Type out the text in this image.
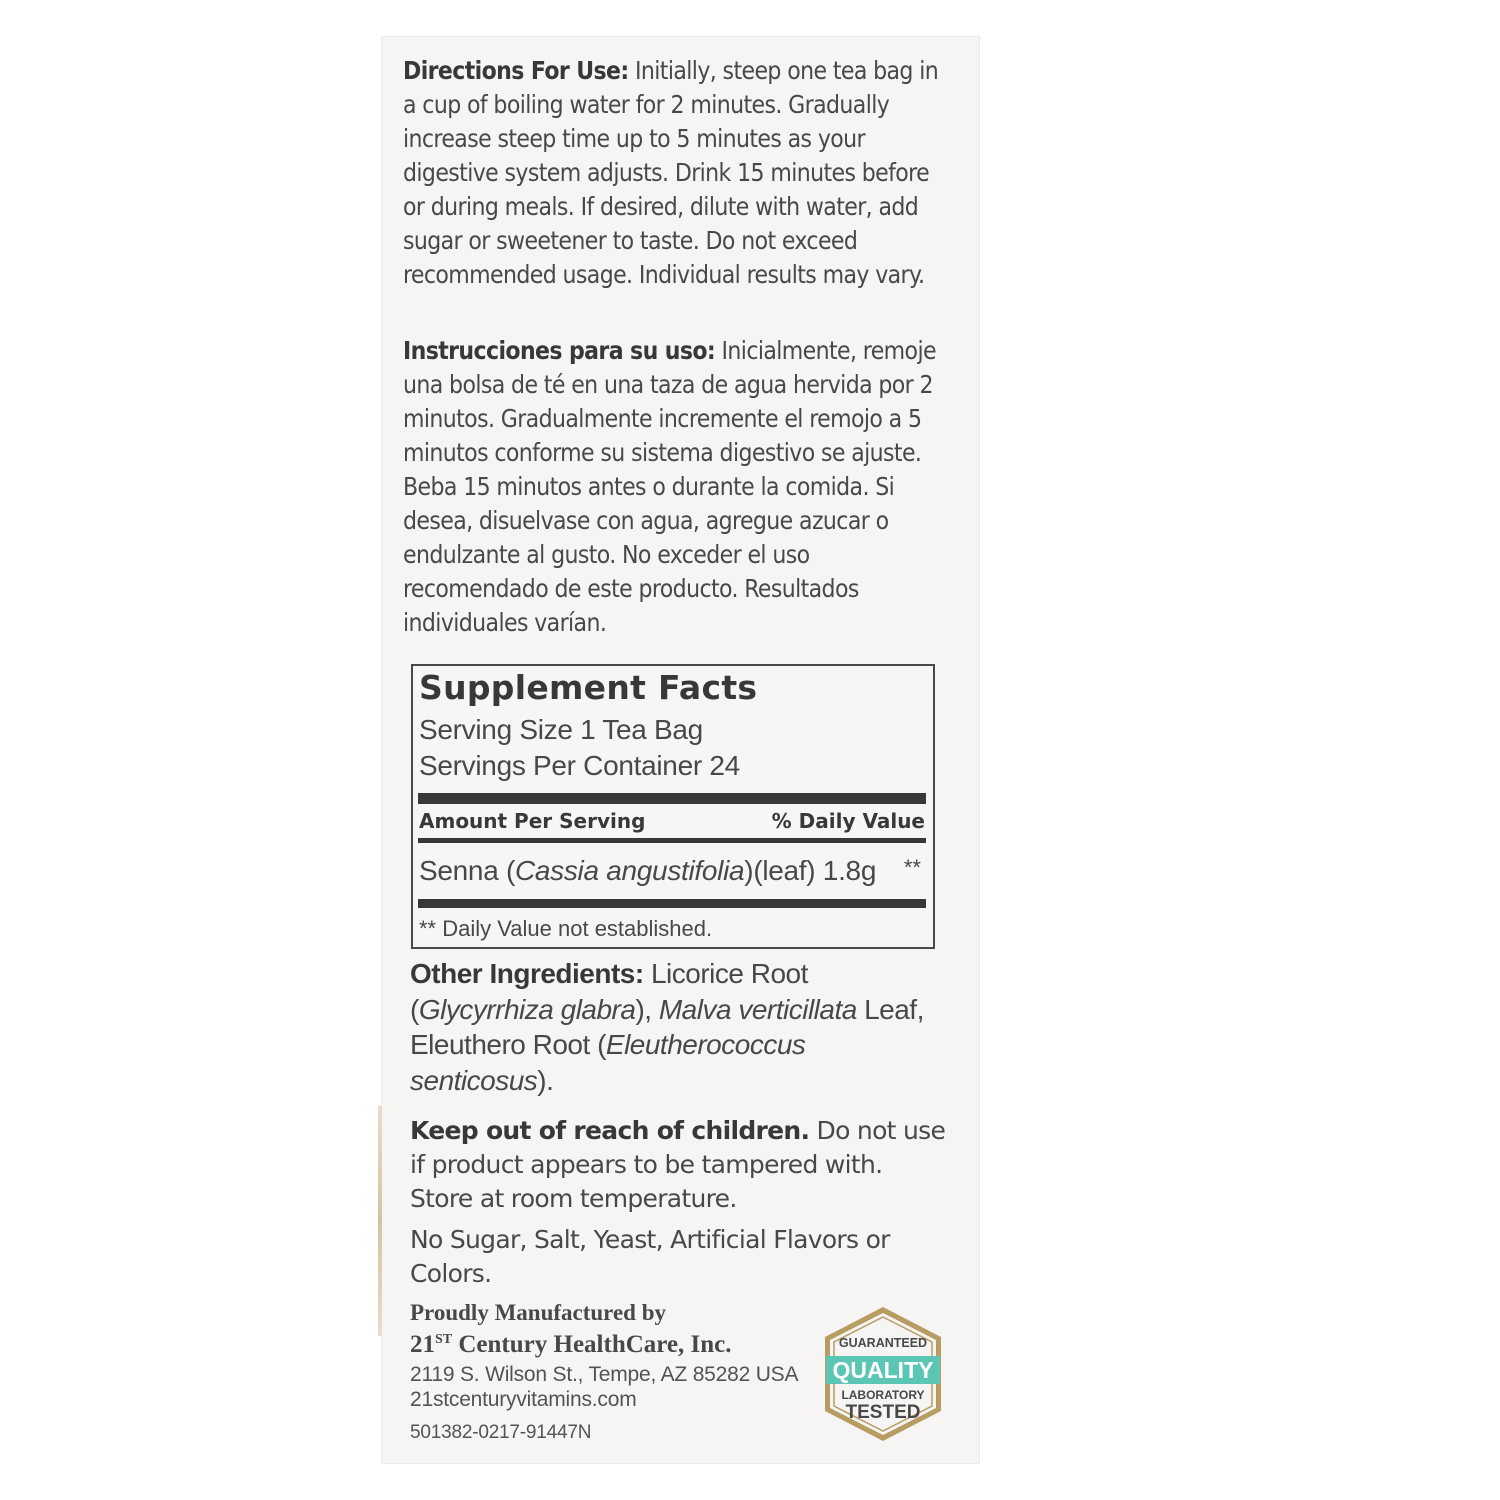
Directions For Use: Initially, steep one tea bag in a cup of boiling water for 2 minutes. Gradually increase steep time up to 5 minutes as your digestive system adjusts. Drink 15 minutes before or during meals. If desired, dilute with water, add sugar or sweetener to taste. Do not exceed recommended usage. Individual results may vary.
Instrucciones para su uso: Inicialmente, remoje una bolsa de té en una taza de agua hervida por 2 minutos. Gradualmente incremente el remojo a 5 minutos conforme su sistema digestivo se ajuste. Beba 15 minutos antes o durante la comida. Si desea, disuelvase con agua, agregue azucar o endulzante al gusto. No exceder el uso recomendado de este producto. Resultados individuales varían.
Supplement Facts
Serving Size 1 Tea Bag
Servings Per Container 24
Amount Per Serving	% Daily Value
Senna (Cassia angustifolia)(leaf) 1.8g **
** Daily Value not established.
Other Ingredients: Licorice Root (Glycyrrhiza glabra), Malva verticillata Leaf, Eleuthero Root (Eleutherococcus senticosus).
Keep out of reach of children. Do not use if product appears to be tampered with. Store at room temperature.
No Sugar, Salt, Yeast, Artificial Flavors or Colors.
Proudly Manufactured by
21ST Century HealthCare, Inc.
2119 S. Wilson St., Tempe, AZ 85282 USA
21stcenturyvitamins.com
501382-0217-91447N
GUARANTEED
QUALITY
LABORATORY
TESTED
